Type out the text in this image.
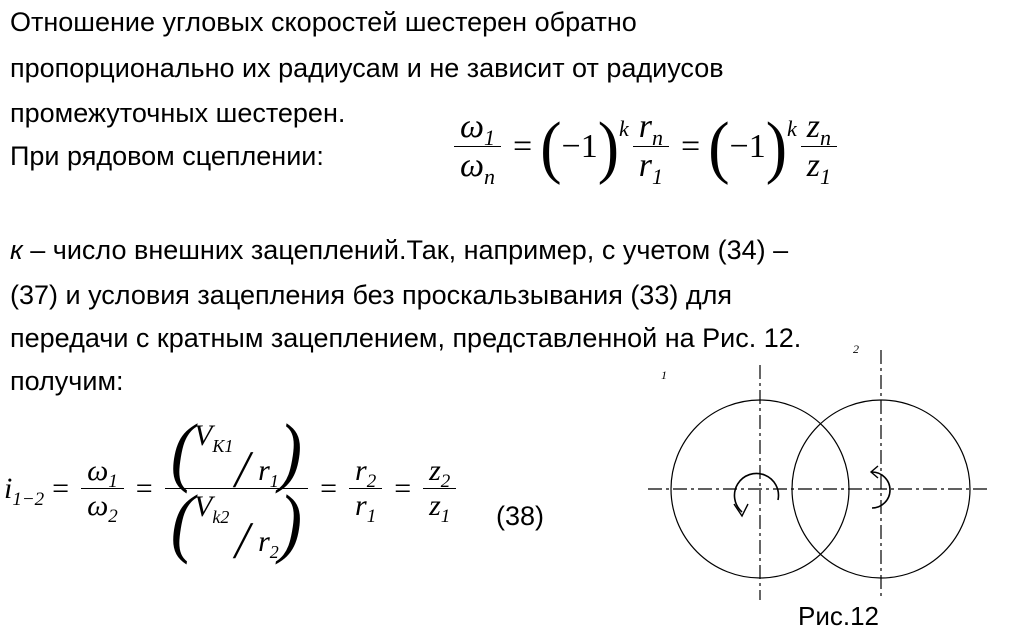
Отношение угловых скоростей шестерен обратно
пропорционально их радиусам и не зависит от радиусов
промежуточных шестерен.
При рядовом сцеплении:	$\frac{\omega_1}{\omega_n}$ = ( −1 )$^k \frac{r_n}{r_1}$ = ( −1 )$^k \frac{z_n}{z_1}$
к – число внешних зацеплений.Так, например, с учетом (34) –
(37) и условия зацепления без проскальзывания (33) для
передачи с кратным зацеплением, представленной на Рис. 12.
получим:
$i_{1-2} = \frac{\omega_1}{\omega_2}$ = ( $V_{K1}$
╱ $r_1$ )
( $V_{k2}$
╱ $r_2$ ) = $\frac{r_2}{r_1} = \frac{z_2}{z_1} (38)$
1
2
Рис.12
